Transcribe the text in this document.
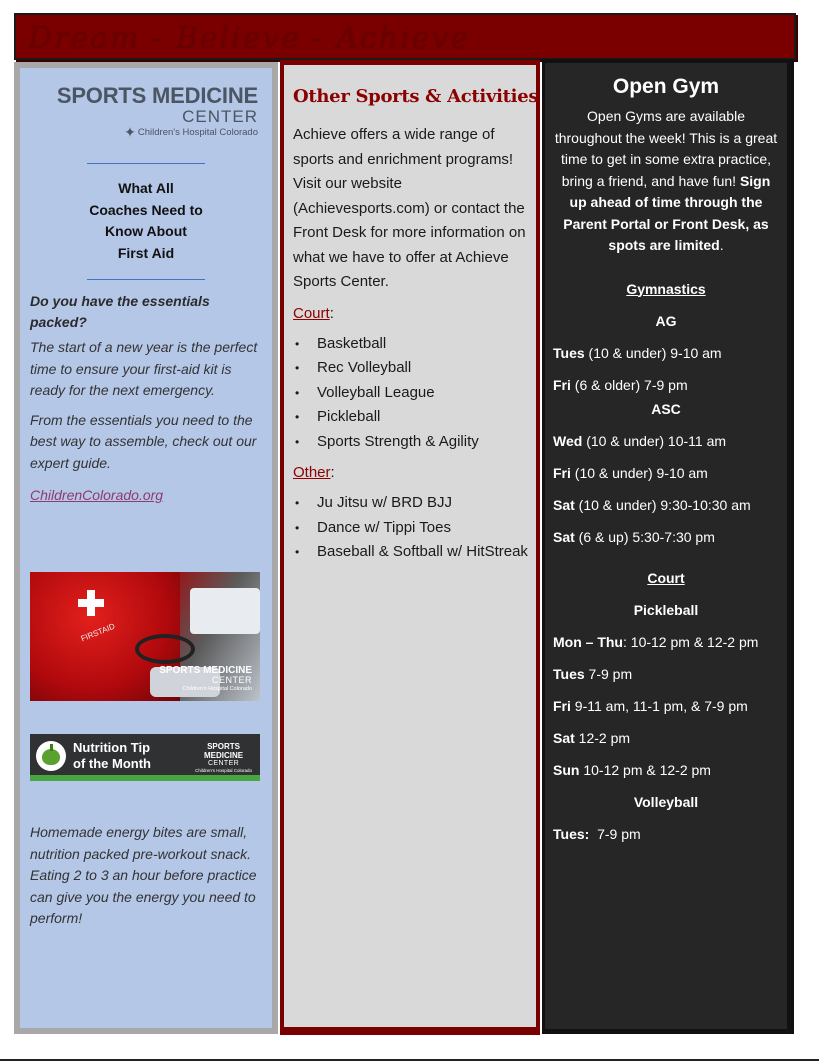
Dream - Believe - Achieve
SPORTS MEDICINE
CENTER
✦ Children's Hospital Colorado
What All
Coaches Need to
Know About
First Aid
Do you have the essentials packed?
The start of a new year is the perfect time to ensure your first-aid kit is ready for the next emergency.
From the essentials you need to the best way to assemble, check out our expert guide.
ChildrenColorado.org
FIRSTAID
SPORTS MEDICINE
CENTER
Children's Hospital Colorado
Nutrition Tip
of the Month
SPORTS
MEDICINE
CENTER
Children's Hospital Colorado
Homemade energy bites are small, nutrition packed pre-workout snack. Eating 2 to 3 an hour before practice can give you the energy you need to perform!
Other Sports & Activities
Achieve offers a wide range of sports and enrichment programs! Visit our website (Achievesports.com) or contact the Front Desk for more information on what we have to offer at Achieve Sports Center.
Court:
• Basketball
• Rec Volleyball
• Volleyball League
• Pickleball
• Sports Strength & Agility
Other:
• Ju Jitsu w/ BRD BJJ
• Dance w/ Tippi Toes
• Baseball & Softball w/ HitStreak
Open Gym
Open Gyms are available throughout the week! This is a great time to get in some extra practice, bring a friend, and have fun! Sign up ahead of time through the Parent Portal or Front Desk, as spots are limited.
Gymnastics
AG
Tues (10 & under) 9-10 am
Fri (6 & older) 7-9 pm
ASC
Wed (10 & under) 10-11 am
Fri (10 & under) 9-10 am
Sat (10 & under) 9:30-10:30 am
Sat (6 & up) 5:30-7:30 pm
Court
Pickleball
Mon – Thu: 10-12 pm & 12-2 pm
Tues 7-9 pm
Fri 9-11 am, 11-1 pm, & 7-9 pm
Sat 12-2 pm
Sun 10-12 pm & 12-2 pm
Volleyball
Tues:  7-9 pm
